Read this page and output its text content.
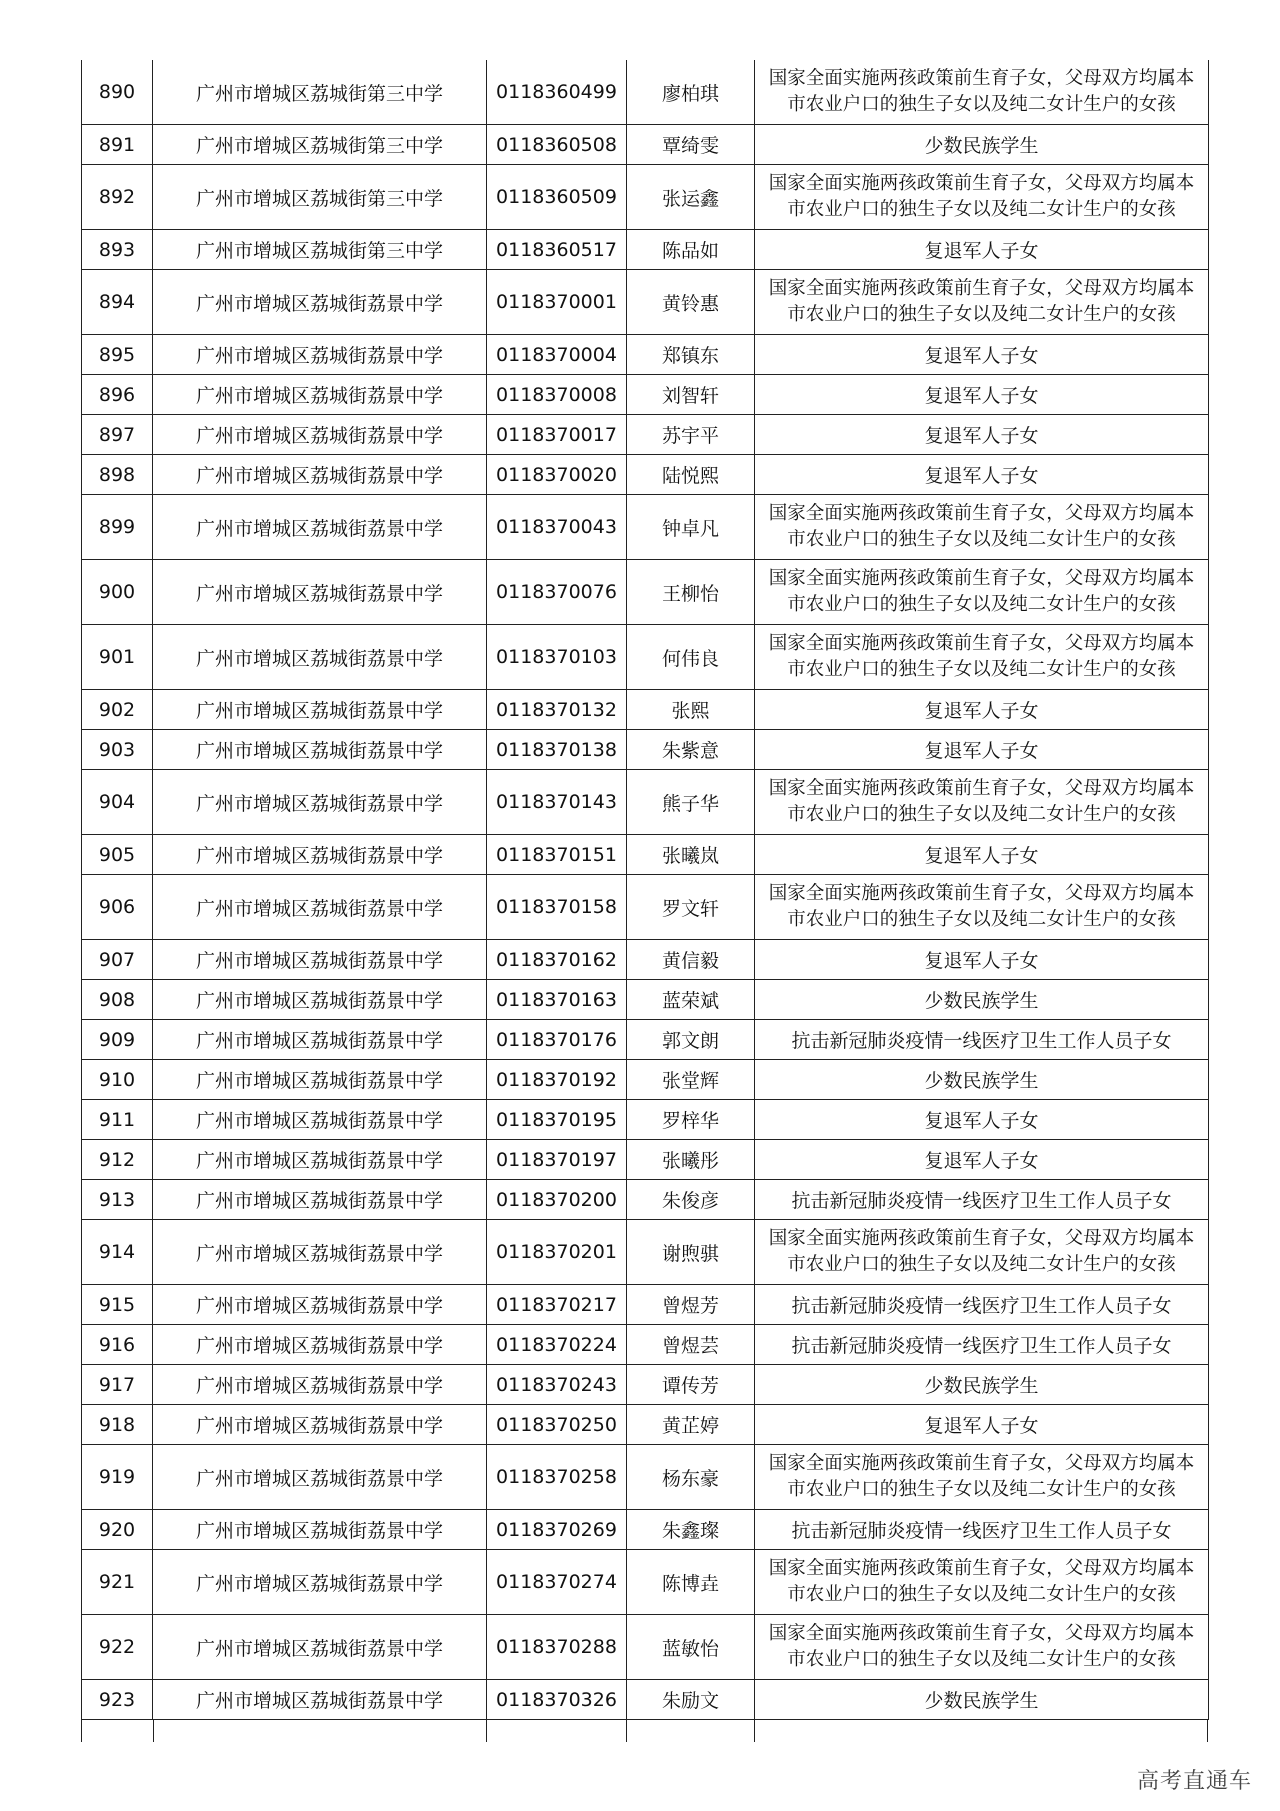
890	广州市增城区荔城街第三中学	0118360499	廖柏琪	国家全面实施两孩政策前生育子女，父母双方均属本市农业户口的独生子女以及纯二女计生户的女孩
891	广州市增城区荔城街第三中学	0118360508	覃绮雯	少数民族学生
892	广州市增城区荔城街第三中学	0118360509	张运鑫	国家全面实施两孩政策前生育子女，父母双方均属本市农业户口的独生子女以及纯二女计生户的女孩
893	广州市增城区荔城街第三中学	0118360517	陈品如	复退军人子女
894	广州市增城区荔城街荔景中学	0118370001	黄铃惠	国家全面实施两孩政策前生育子女，父母双方均属本市农业户口的独生子女以及纯二女计生户的女孩
895	广州市增城区荔城街荔景中学	0118370004	郑镇东	复退军人子女
896	广州市增城区荔城街荔景中学	0118370008	刘智轩	复退军人子女
897	广州市增城区荔城街荔景中学	0118370017	苏宇平	复退军人子女
898	广州市增城区荔城街荔景中学	0118370020	陆悦熙	复退军人子女
899	广州市增城区荔城街荔景中学	0118370043	钟卓凡	国家全面实施两孩政策前生育子女，父母双方均属本市农业户口的独生子女以及纯二女计生户的女孩
900	广州市增城区荔城街荔景中学	0118370076	王柳怡	国家全面实施两孩政策前生育子女，父母双方均属本市农业户口的独生子女以及纯二女计生户的女孩
901	广州市增城区荔城街荔景中学	0118370103	何伟良	国家全面实施两孩政策前生育子女，父母双方均属本市农业户口的独生子女以及纯二女计生户的女孩
902	广州市增城区荔城街荔景中学	0118370132	张熙	复退军人子女
903	广州市增城区荔城街荔景中学	0118370138	朱紫意	复退军人子女
904	广州市增城区荔城街荔景中学	0118370143	熊子华	国家全面实施两孩政策前生育子女，父母双方均属本市农业户口的独生子女以及纯二女计生户的女孩
905	广州市增城区荔城街荔景中学	0118370151	张曦岚	复退军人子女
906	广州市增城区荔城街荔景中学	0118370158	罗文轩	国家全面实施两孩政策前生育子女，父母双方均属本市农业户口的独生子女以及纯二女计生户的女孩
907	广州市增城区荔城街荔景中学	0118370162	黄信毅	复退军人子女
908	广州市增城区荔城街荔景中学	0118370163	蓝荣斌	少数民族学生
909	广州市增城区荔城街荔景中学	0118370176	郭文朗	抗击新冠肺炎疫情一线医疗卫生工作人员子女
910	广州市增城区荔城街荔景中学	0118370192	张堂辉	少数民族学生
911	广州市增城区荔城街荔景中学	0118370195	罗梓华	复退军人子女
912	广州市增城区荔城街荔景中学	0118370197	张曦彤	复退军人子女
913	广州市增城区荔城街荔景中学	0118370200	朱俊彦	抗击新冠肺炎疫情一线医疗卫生工作人员子女
914	广州市增城区荔城街荔景中学	0118370201	谢煦骐	国家全面实施两孩政策前生育子女，父母双方均属本市农业户口的独生子女以及纯二女计生户的女孩
915	广州市增城区荔城街荔景中学	0118370217	曾煜芳	抗击新冠肺炎疫情一线医疗卫生工作人员子女
916	广州市增城区荔城街荔景中学	0118370224	曾煜芸	抗击新冠肺炎疫情一线医疗卫生工作人员子女
917	广州市增城区荔城街荔景中学	0118370243	谭传芳	少数民族学生
918	广州市增城区荔城街荔景中学	0118370250	黄芷婷	复退军人子女
919	广州市增城区荔城街荔景中学	0118370258	杨东豪	国家全面实施两孩政策前生育子女，父母双方均属本市农业户口的独生子女以及纯二女计生户的女孩
920	广州市增城区荔城街荔景中学	0118370269	朱鑫璨	抗击新冠肺炎疫情一线医疗卫生工作人员子女
921	广州市增城区荔城街荔景中学	0118370274	陈博垚	国家全面实施两孩政策前生育子女，父母双方均属本市农业户口的独生子女以及纯二女计生户的女孩
922	广州市增城区荔城街荔景中学	0118370288	蓝敏怡	国家全面实施两孩政策前生育子女，父母双方均属本市农业户口的独生子女以及纯二女计生户的女孩
923	广州市增城区荔城街荔景中学	0118370326	朱励文	少数民族学生
高考直通车
